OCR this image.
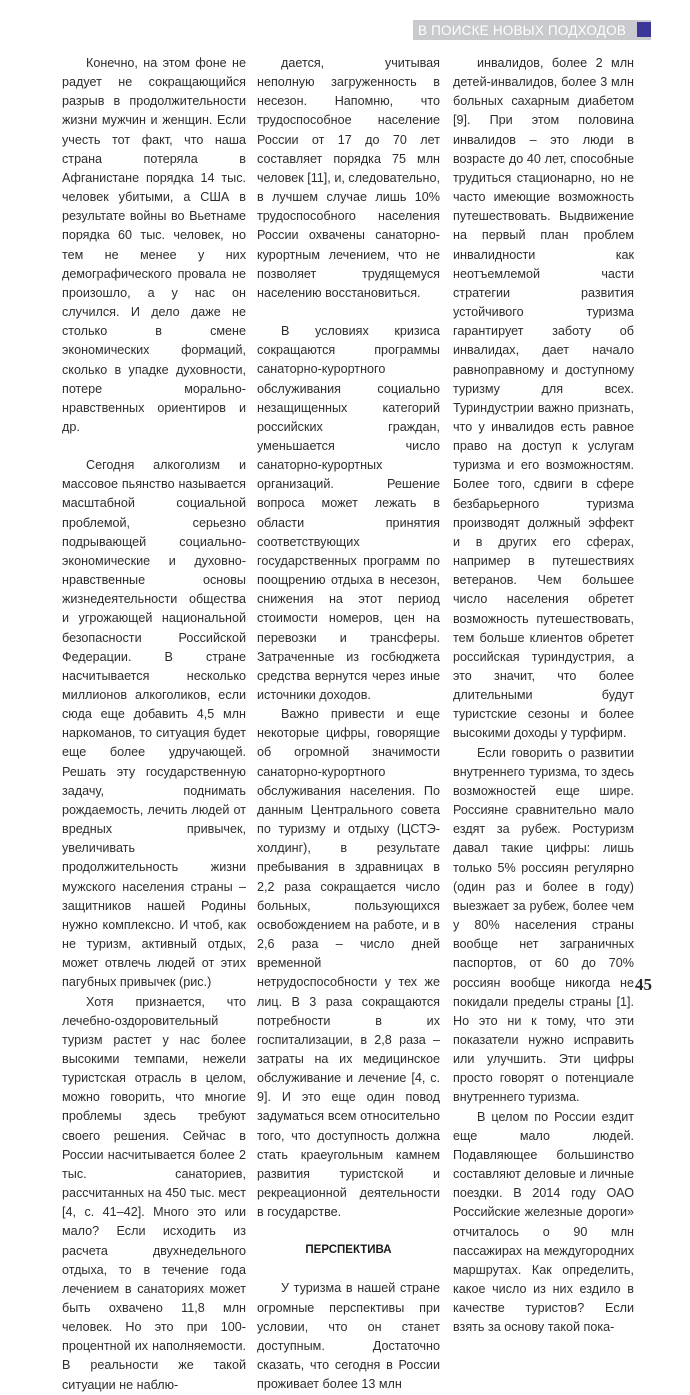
В ПОИСКЕ НОВЫХ ПОДХОДОВ

Конечно, на этом фоне не радует не сокращающийся разрыв в продолжительности жизни мужчин и женщин. Если учесть тот факт, что наша страна потеряла в Афганистане порядка 14 тыс. человек убитыми, а США в результате войны во Вьетнаме порядка 60 тыс. человек, но тем не менее у них демографического провала не произошло, а у нас он случился. И дело даже не столько в смене экономических формаций, сколько в упадке духовности, потере морально-нравственных ориентиров и др.

Сегодня алкоголизм и массовое пьянство называется масштабной социальной проблемой, серьезно подрывающей социально-экономические и духовно-нравственные основы жизнедеятельности общества и угрожающей национальной безопасности Российской Федерации. В стране насчитывается несколько миллионов алкоголиков, если сюда еще добавить 4,5 млн наркоманов, то ситуация будет еще более удручающей. Решать эту государственную задачу, поднимать рождаемость, лечить людей от вредных привычек, увеличивать продолжительность жизни мужского населения страны – защитников нашей Родины нужно комплексно. И чтоб, как не туризм, активный отдых, может отвлечь людей от этих пагубных привычек (рис.)

Хотя признается, что лечебно-оздоровительный туризм растет у нас более высокими темпами, нежели туристская отрасль в целом, можно говорить, что многие проблемы здесь требуют своего решения. Сейчас в России насчитывается более 2 тыс. санаториев, рассчитанных на 450 тыс. мест [4, с. 41–42]. Много это или мало? Если исходить из расчета двухнедельного отдыха, то в течение года лечением в санаториях может быть охвачено 11,8 млн человек. Но это при 100-процентной их наполняемости. В реальности же такой ситуации не наблю-

дается, учитывая неполную загруженность в несезон. Напомню, что трудоспособное население России от 17 до 70 лет составляет порядка 75 млн человек [11], и, следовательно, в лучшем случае лишь 10% трудоспособного населения России охвачены санаторно-курортным лечением, что не позволяет трудящемуся населению восстановиться.

В условиях кризиса сокращаются программы санаторно-курортного обслуживания социально незащищенных категорий российских граждан, уменьшается число санаторно-курортных организаций. Решение вопроса может лежать в области принятия соответствующих государственных программ по поощрению отдыха в несезон, снижения на этот период стоимости номеров, цен на перевозки и трансферы. Затраченные из госбюджета средства вернутся через иные источники доходов.

Важно привести и еще некоторые цифры, говорящие об огромной значимости санаторно-курортного обслуживания населения. По данным Центрального совета по туризму и отдыху (ЦСТЭ-холдинг), в результате пребывания в здравницах в 2,2 раза сокращается число больных, пользующихся освобождением на работе, и в 2,6 раза – число дней временной нетрудоспособности у тех же лиц. В 3 раза сокращаются потребности в их госпитализации, в 2,8 раза – затраты на их медицинское обслуживание и лечение [4, с. 9]. И это еще один повод задуматься всем относительно того, что доступность должна стать краеугольным камнем развития туристской и рекреационной деятельности в государстве.

ПЕРСПЕКТИВА

У туризма в нашей стране огромные перспективы при условии, что он станет доступным. Достаточно сказать, что сегодня в России проживает более 13 млн

инвалидов, более 2 млн детей-инвалидов, более 3 млн больных сахарным диабетом [9]. При этом половина инвалидов – это люди в возрасте до 40 лет, способные трудиться стационарно, но не часто имеющие возможность путешествовать. Выдвижение на первый план проблем инвалидности как неотъемлемой части стратегии развития устойчивого туризма гарантирует заботу об инвалидах, дает начало равноправному и доступному туризму для всех. Туриндустрии важно признать, что у инвалидов есть равное право на доступ к услугам туризма и его возможностям. Более того, сдвиги в сфере безбарьерного туризма производят должный эффект и в других его сферах, например в путешествиях ветеранов. Чем большее число населения обретет возможность путешествовать, тем больше клиентов обретет российская туриндустрия, а это значит, что более длительными будут туристские сезоны и более высокими доходы у турфирм.

Если говорить о развитии внутреннего туризма, то здесь возможностей еще шире. Россияне сравнительно мало ездят за рубеж. Ростуризм давал такие цифры: лишь только 5% россиян регулярно (один раз и более в году) выезжает за рубеж, более чем у 80% населения страны вообще нет заграничных паспортов, от 60 до 70% россиян вообще никогда не покидали пределы страны [1]. Но это ни к тому, что эти показатели нужно исправить или улучшить. Эти цифры просто говорят о потенциале внутреннего туризма.

В целом по России ездит еще мало людей. Подавляющее большинство составляют деловые и личные поездки. В 2014 году ОАО Российские железные дороги» отчиталось о 90 млн пассажирах на междугородних маршрутах. Как определить, какое число из них ездило в качестве туристов? Если взять за основу такой пока-

45
